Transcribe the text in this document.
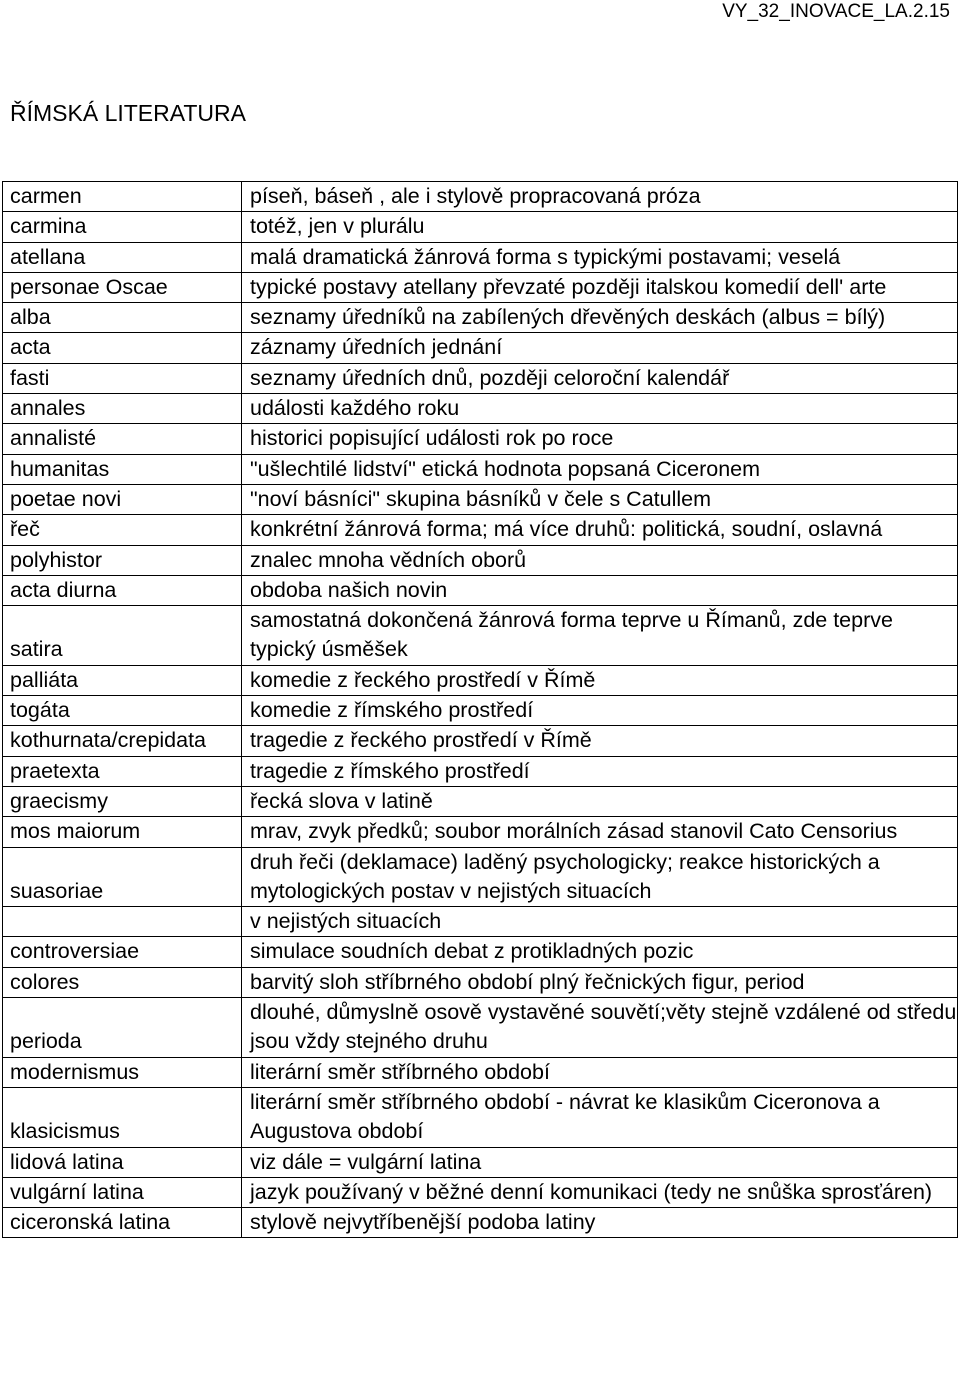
VY_32_INOVACE_LA.2.15
ŘÍMSKÁ LITERATURA
carmen	píseň, báseň , ale i stylově propracovaná próza
carmina	totéž, jen v plurálu
atellana	malá dramatická žánrová forma s typickými postavami; veselá
personae Oscae	typické postavy atellany převzaté později italskou komedií dell' arte
alba	seznamy úředníků na zabílených dřevěných deskách (albus = bílý)
acta	záznamy úředních jednání
fasti	seznamy úředních dnů, později celoroční kalendář
annales	události každého roku
annalisté	historici popisující události rok po roce
humanitas	"ušlechtilé lidství" etická hodnota popsaná Ciceronem
poetae novi	"noví básníci" skupina básníků v čele s Catullem
řeč	konkrétní žánrová forma; má více druhů: politická, soudní, oslavná
polyhistor	znalec mnoha vědních oborů
acta diurna	obdoba našich novin
satira	samostatná dokončená žánrová forma teprve u Římanů, zde teprve typický úsměšek
palliáta	komedie z řeckého prostředí v Římě
togáta	komedie z římského prostředí
kothurnata/crepidata	tragedie z řeckého prostředí v Římě
praetexta	tragedie z římského prostředí
graecismy	řecká slova v latině
mos maiorum	mrav, zvyk předků; soubor morálních zásad stanovil Cato Censorius
suasoriae	druh řeči (deklamace) laděný psychologicky; reakce historických a mytologických postav v nejistých situacích
	v nejistých situacích
controversiae	simulace soudních debat z protikladných pozic
colores	barvitý sloh stříbrného období plný řečnických figur, period
perioda	dlouhé, důmyslně osově vystavěné souvětí;věty stejně vzdálené od středu jsou vždy stejného druhu
modernismus	literární směr stříbrného období
klasicismus	literární směr stříbrného období - návrat ke klasikům Ciceronova a Augustova období
lidová latina	viz dále = vulgární latina
vulgární latina	jazyk používaný v běžné denní komunikaci (tedy ne snůška sprosťáren)
ciceronská latina	stylově nejvytříbenější podoba latiny
